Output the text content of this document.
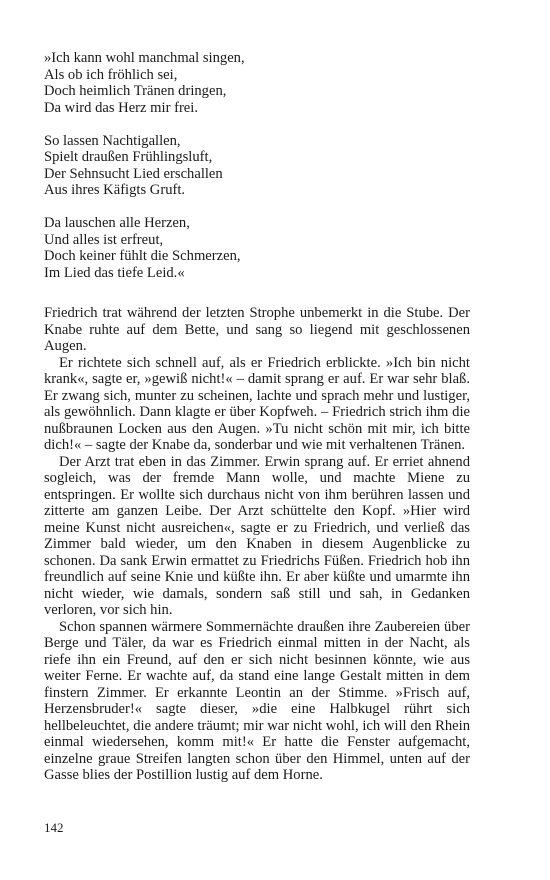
»Ich kann wohl manchmal singen,
Als ob ich fröhlich sei,
Doch heimlich Tränen dringen,
Da wird das Herz mir frei.
So lassen Nachtigallen,
Spielt draußen Frühlingsluft,
Der Sehnsucht Lied erschallen
Aus ihres Käfigts Gruft.
Da lauschen alle Herzen,
Und alles ist erfreut,
Doch keiner fühlt die Schmerzen,
Im Lied das tiefe Leid.«

Friedrich trat während der letzten Strophe unbemerkt in die Stube. Der Knabe ruhte auf dem Bette, und sang so liegend mit geschlossenen Augen.

Er richtete sich schnell auf, als er Friedrich erblickte. »Ich bin nicht krank«, sagte er, »gewiß nicht!« – damit sprang er auf. Er war sehr blaß. Er zwang sich, munter zu scheinen, lachte und sprach mehr und lustiger, als gewöhnlich. Dann klagte er über Kopfweh. – Friedrich strich ihm die nußbraunen Locken aus den Augen. »Tu nicht schön mit mir, ich bitte dich!« – sagte der Knabe da, sonderbar und wie mit verhaltenen Tränen.

Der Arzt trat eben in das Zimmer. Erwin sprang auf. Er erriet ahnend sogleich, was der fremde Mann wolle, und machte Miene zu entspringen. Er wollte sich durchaus nicht von ihm berühren lassen und zitterte am ganzen Leibe. Der Arzt schüttelte den Kopf. »Hier wird meine Kunst nicht ausreichen«, sagte er zu Friedrich, und verließ das Zimmer bald wieder, um den Knaben in diesem Augenblicke zu schonen. Da sank Erwin ermattet zu Friedrichs Füßen. Friedrich hob ihn freundlich auf seine Knie und küßte ihn. Er aber küßte und umarmte ihn nicht wieder, wie damals, sondern saß still und sah, in Gedanken verloren, vor sich hin.

Schon spannen wärmere Sommernächte draußen ihre Zaubereien über Berge und Täler, da war es Friedrich einmal mitten in der Nacht, als riefe ihn ein Freund, auf den er sich nicht besinnen könnte, wie aus weiter Ferne. Er wachte auf, da stand eine lange Gestalt mitten in dem finstern Zimmer. Er erkannte Leontin an der Stimme. »Frisch auf, Herzensbruder!« sagte dieser, »die eine Halbkugel rührt sich hellbeleuchtet, die andere träumt; mir war nicht wohl, ich will den Rhein einmal wiedersehen, komm mit!« Er hatte die Fenster aufgemacht, einzelne graue Streifen langten schon über den Himmel, unten auf der Gasse blies der Postillion lustig auf dem Horne.

142
